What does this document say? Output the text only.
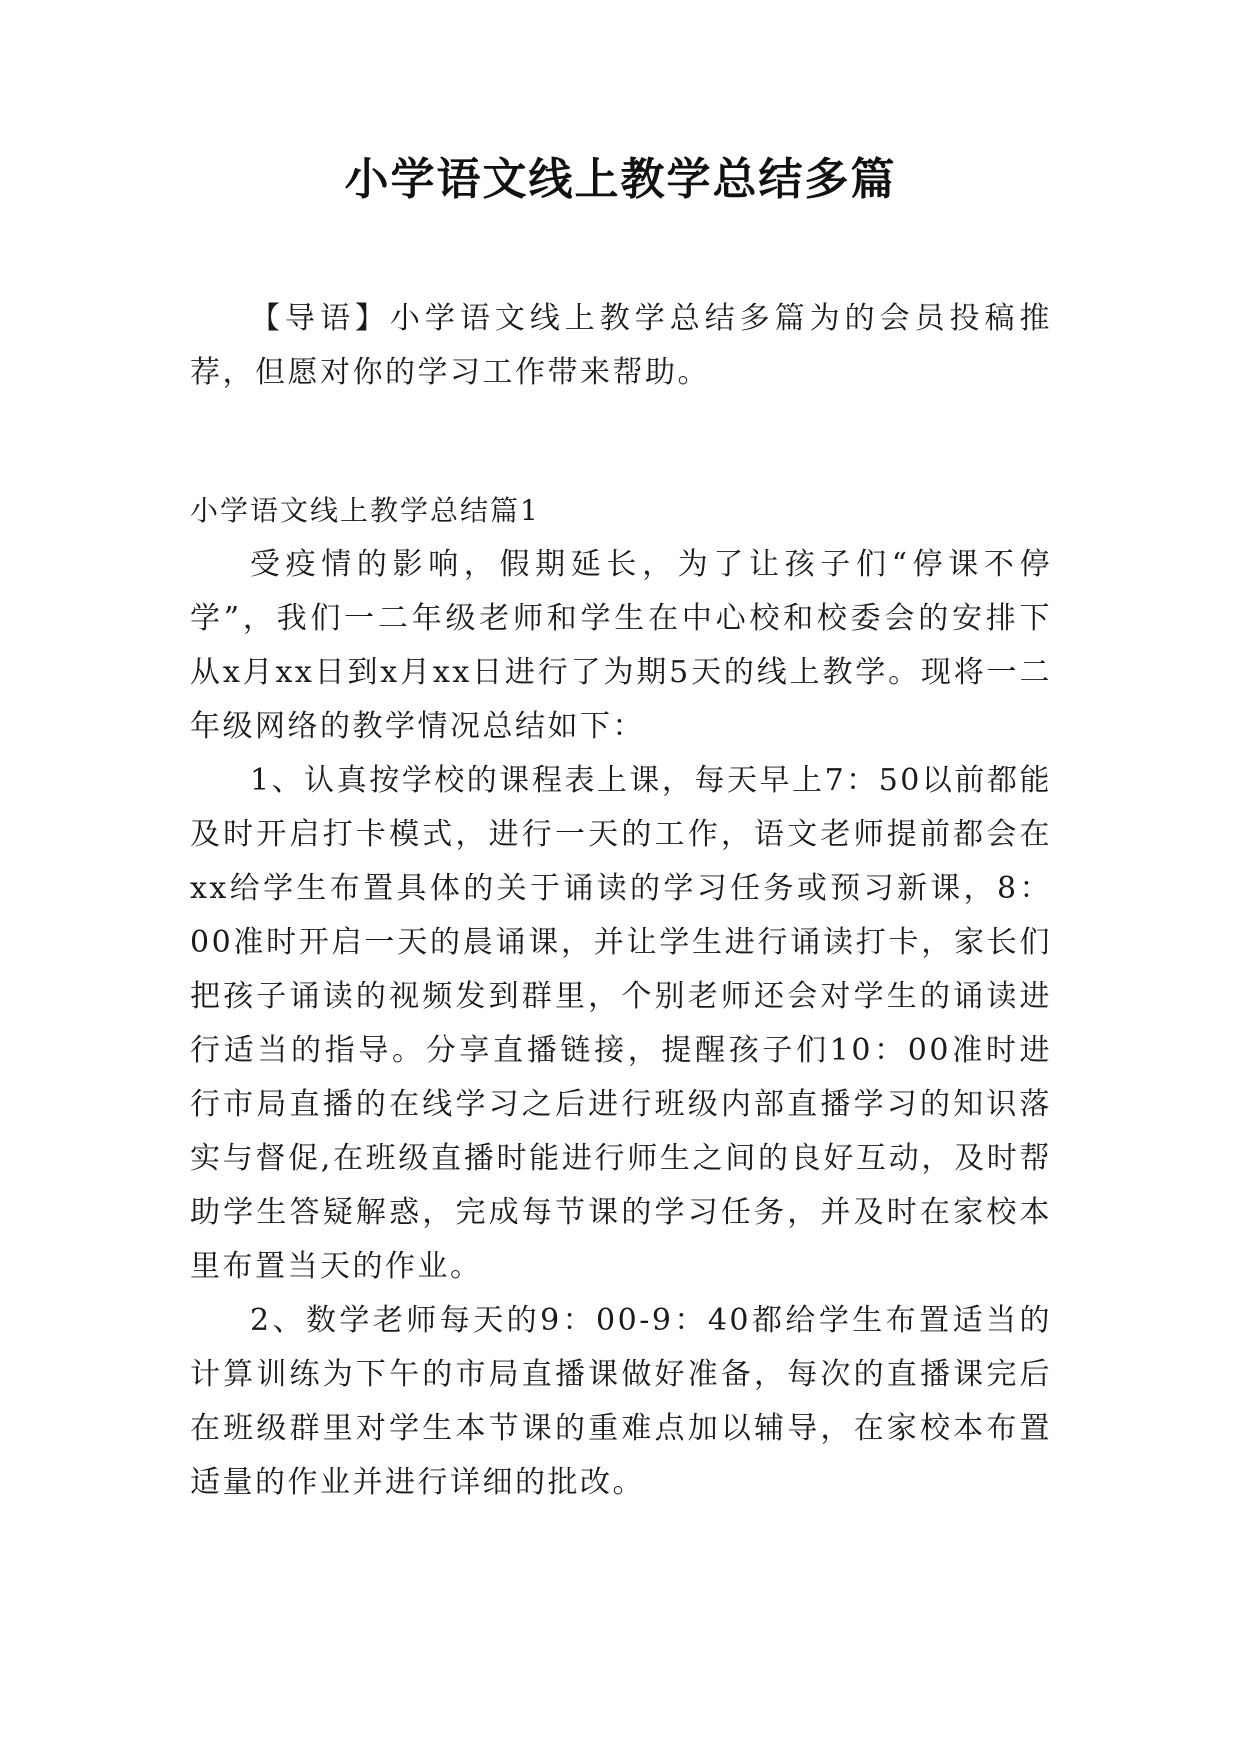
小学语文线上教学总结多篇

【导语】小学语文线上教学总结多篇为的会员投稿推荐，但愿对你的学习工作带来帮助。

小学语文线上教学总结篇1

受疫情的影响，假期延长，为了让孩子们“停课不停学”，我们一二年级老师和学生在中心校和校委会的安排下从x月xx日到x月xx日进行了为期5天的线上教学。现将一二年级网络的教学情况总结如下：

1、认真按学校的课程表上课，每天早上7：50以前都能及时开启打卡模式，进行一天的工作，语文老师提前都会在xx给学生布置具体的关于诵读的学习任务或预习新课，8：00准时开启一天的晨诵课，并让学生进行诵读打卡，家长们把孩子诵读的视频发到群里，个别老师还会对学生的诵读进行适当的指导。分享直播链接，提醒孩子们10：00准时进行市局直播的在线学习之后进行班级内部直播学习的知识落实与督促,在班级直播时能进行师生之间的良好互动，及时帮助学生答疑解惑，完成每节课的学习任务，并及时在家校本里布置当天的作业。

2、数学老师每天的9：00-9：40都给学生布置适当的计算训练为下午的市局直播课做好准备，每次的直播课完后在班级群里对学生本节课的重难点加以辅导，在家校本布置适量的作业并进行详细的批改。
